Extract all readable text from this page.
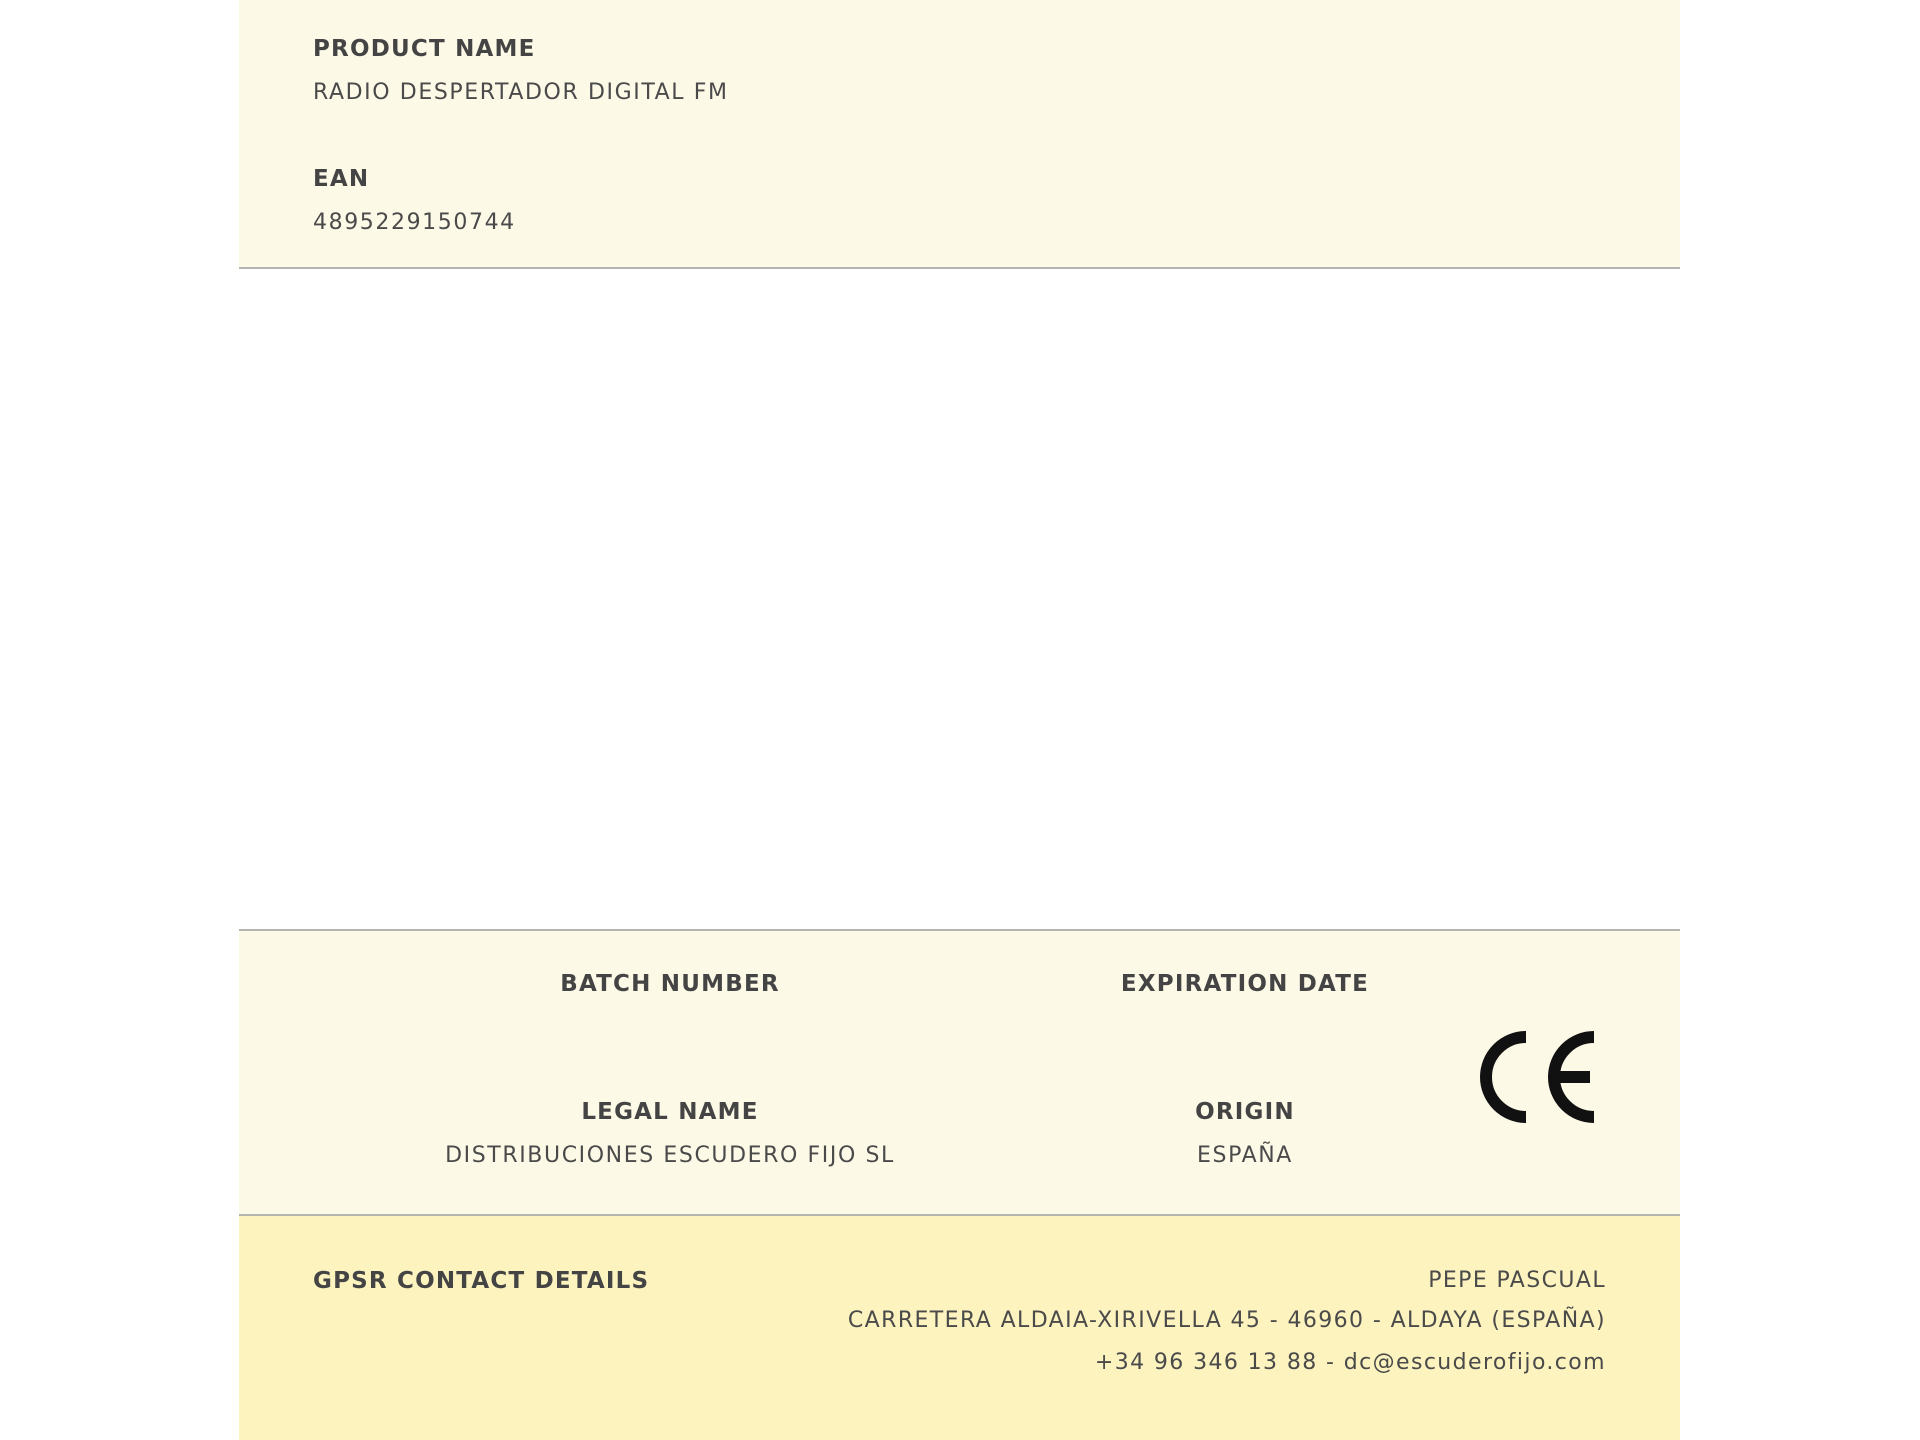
PRODUCT NAME
RADIO DESPERTADOR DIGITAL FM
EAN
4895229150744
BATCH NUMBER	EXPIRATION DATE
LEGAL NAME
DISTRIBUCIONES ESCUDERO FIJO SL
ORIGIN
ESPAÑA
GPSR CONTACT DETAILS	PEPE PASCUAL
CARRETERA ALDAIA-XIRIVELLA 45 - 46960 - ALDAYA (ESPAÑA)
+34 96 346 13 88 - dc@escuderofijo.com
